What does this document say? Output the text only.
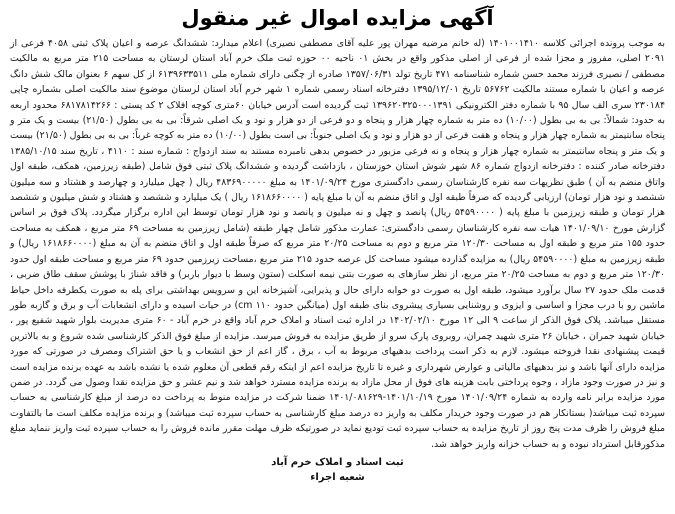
آگهی مزایده اموال غیر منقول

به موجب پرونده اجرائی کلاسه ۱۴۰۱۰۰۱۴۱۰ (له خانم مرضیه مهران پور علیه آقای مصطفی نصیری) اعلام میدارد: ششدانگ عرصه و اعیان پلاک ثبتی ۴۰۵۸ فرعی از ۲۰۹۱ اصلی، مفروز و مجزا شده از فرعی از اصلی مذکور واقع در بخش ۰۱ ناحیه ۰۰ حوزه ثبت ملک خرم آباد استان لرستان به مساحت ۲۱۵ متر مربع به مالکیت مصطفی / نصیری فرزند محمد حسن شماره شناسنامه ۴۷۱ تاریخ تولد ۱۳۵۷/۰۶/۳۱ صادره از چگنی دارای شماره ملی ۶۱۳۹۶۳۳۵۱۱ از کل سهم ۶ بعنوان مالک شش دانگ عرصه و اعیان با شماره مستند مالکیت ۵۶۷۶۲ تاریخ ۱۳۹۵/۱۲/۰۱ دفترخانه اسناد رسمی شماره ۱ شهر خرم آباد استان لرستان موضوع سند مالکیت اصلی بشماره چاپی ۲۳۰۱۸۴ سری الف سال ۹۵ با شماره دفتر الکترونیکی ۱۳۹۶۲۰۳۲۵۰۰۰۱۳۹۱ ثبت گردیده است آدرس خیابان ۶۰متری کوچه افلاک ۲ کد پستی : ۶۸۱۷۸۱۴۲۶۶ محدود اربعه به حدود: شمالاً: بی به بی بطول (۱۰/۰۰) ده متر به شماره چهار هزار و پنجاه و دو فرعی از دو هزار و نود و یک اصلی شرقاً: بی به بی بطول (۲۱/۵۰) بیست و یک متر و پنجاه سانتیمتر به شماره چهار هزار و پنجاه و هفت فرعی از دو هزار و نود و یک اصلی جنوباً: بی است بطول (۱۰/۰۰) ده متر به کوچه غرباً: بی به بی بطول (۲۱/۵۰) بیست و یک متر و پنجاه سانتیمتر به شماره چهار هزار و پنجاه و نه فرعی مزبور در خصوص بدهی نامبرده مستند به سند ازدواج : شماره سند : ۴۱۱۰ ، تاریخ سند ۱۳۸۵/۱۰/۱۵ دفترخانه صادر کننده : دفترخانه ازدواج شماره ۸۶ شهر شوش استان خوزستان ، بازداشت گردیده و ششدانگ پلاک ثبتی فوق شامل (طبقه زیرزمین، همکف، طبقه اول واتاق منضم به آن ) طبق نظریهات سه نفره کارشناسان رسمی دادگستری مورخ ۱۴۰۱/۰۹/۲۴ به مبلغ ۴۸۳۶۹۰۰۰۰۰ ریال ( چهل میلیارد و چهارصد و هشتاد و سه میلیون ششصد و نود هزار تومان) ارزیابی گردیده که صرفاً طبقه اول و اتاق منضم به آن با مبلغ پایه ( ۱۶۱۸۶۶۰۰۰۰ ریال ) یک میلیارد و ششصد و هشتاد و شش میلیون و ششصد هزار تومان و طبقه زیرزمین با مبلغ پایه ( ۵۴۵۹۰۰۰۰ ریال) پانصد و چهل و نه میلیون و پانصد و نود هزار تومان توسط این اداره برگزار میگردد. پلاک فوق بر اساس گزارش مورخ ۱۴۰۱/۰۹/۱۰ هیات سه نفره کارشناسان رسمی دادگستری: عمارت مذکور شامل چهار طبقه (شامل زیرزمین به مساحت ۶۹ متر مربع ، همکف به مساحت حدود ۱۵۵ متر مربع و طبقه اول به مساحت ۱۲۰/۳۰ متر مربع و دوم به مساحت ۲۰/۲۵ متر مربع که صرفاً طبقه اول و اتاق منضم به آن به مبلغ (۱۶۱۸۶۶۰۰۰۰ ریال) و طبقه زیرزمین به مبلغ (۵۴۵۹۰۰۰۰ ریال) به مزایده گذارده میشود مساحت کل عرصه حدود ۲۱۵ متر مربع ،مساحت زیرزمین حدود ۶۹ متر مربع و مساحت طبقه اول حدود ۱۲۰/۳۰ متر مربع و دوم به مساحت ۲۰/۲۵ متر مربع، از نظر سازهای به صورت بتنی نیمه اسکلت (ستون وسط با دیوار باربر) و فاقد شناژ با پوشش سقف طاق ضربی ، قدمت ملک حدود ۲۷ سال برآورد میشود، طبقه اول به صورت دو خوابه دارای حال و پذیرایی، آشپزخانه این و سرویس بهداشتی برای پله به صورت یکطرفه داخل حیاط ماشین رو با درب مجزا و اساسی و ایزوی و روشنایی بسیاری پیشروی بنای طبقه اول (میانگین حدود cm ۱۱۰) در حیات اسیده و دارای انشعابات آب و برق و گازبه طور مستقل میباشد. پلاک فوق الذکر از ساعت ۹ الی ۱۲ مورخ ۱۴۰۲/۰۲/۱۰ در اداره ثبت اسناد و املاک خرم آباد واقع در خرم آباد - ۶۰ متری مدیریت بلوار شهید شفیع پور ، خیابان شهید جمران ، خیابان ۲۶ متری شهید چمران، روبروی پارک سرو از طریق مزایده به فروش میرسد. مزایده از مبلغ فوق الذکر کارشناسی شده شروع و به بالاترین قیمت پیشنهادی نقدا فروخته میشود. لازم به ذکر است پرداخت بدهیهای مربوط به آب ، برق ، گاز اعم از حق انشعاب و یا حق اشتراک ومصرف در صورتی که مورد مزایده دارای آنها باشد و نیز بدهیهای مالیاتی و عوارض شهرداری و غیره تا تاریخ مزایده اعم از اینکه رقم قطعی آن معلوم شده یا نشده باشد به عهده برنده مزایده است و نیز در صورت وجود مازاد ، وجوه پرداختی بابت هزینه های فوق از محل مازاد به برنده مزایده مسترد خواهد شد و نیم عشر و حق مزایده نقدا وصول می گردد. در ضمن مورد مزایده برابر نامه وارده به شماره ۱۴۰۱/۰۹/۲۴ مورخ ۱۴۰۱/۱۰/۱۹-۱۴۰۱/۰۸۱۶۲۹ ضمنا شرکت در مزایده منوط به پرداخت ده درصد از مبلغ کارشناسی به حساب سپرده ثبت میباشد( بستانکار هم در صورت وجود خریدار مکلف به واریز ده درصد مبلغ کارشناسی به حساب سپرده ثبت میباشد) و برنده مزایده مکلف است ما بالتفاوت مبلغ فروش را ظرف مدت پنج روز از تاریخ مزایده به حساب سپرده ثبت تودیع نماید در صورتیکه ظرف مهلت مقرر مانده فروش را به حساب سپرده ثبت واریز ننماید مبلغ مذکورقابل استرداد نبوده و به حساب خزانه واریز خواهد شد.

ثبت اسناد و املاک خرم آباد
شعبه اجراء
